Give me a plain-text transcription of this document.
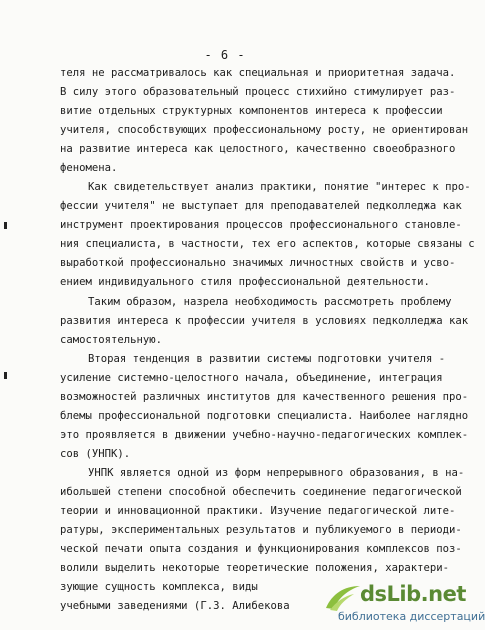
- 6 -
теля не рассматривалось как специальная и приоритетная задача.
В силу этого образовательный процесс стихийно стимулирует раз-
витие отдельных структурных компонентов интереса к профессии
учителя, способствующих профессиональному росту, не ориентирован
на развитие интереса как целостного, качественно своеобразного
феномена.
Как свидетельствует анализ практики, понятие "интерес к про-
фессии учителя" не выступает для преподавателей педколледжа как
инструмент проектирования процессов профессионального становле-
ния специалиста, в частности, тех его аспектов, которые связаны с
выработкой профессионально значимых личностных свойств и усво-
ением индивидуального стиля профессиональной деятельности.
Таким образом, назрела необходимость рассмотреть проблему
развития интереса к профессии учителя в условиях педколледжа как
самостоятельную.
Вторая тенденция в развитии системы подготовки учителя -
усиление системно-целостного начала, объединение, интеграция
возможностей различных институтов для качественного решения про-
блемы профессиональной подготовки специалиста. Наиболее наглядно
это проявляется в движении учебно-научно-педагогических комплек-
сов (УНПК).
УНПК является одной из форм непрерывного образования, в на-
ибольшей степени способной обеспечить соединение педагогической
теории и инновационной практики. Изучение педагогической лите-
ратуры, экспериментальных результатов и публикуемого в периоди-
ческой печати опыта создания и функционирования комплексов поз-
волили выделить некоторые теоретические положения, характери-
зующие сущность комплекса, виды
учебными заведениями (Г.З. Алибекова	dsLib.net
библиотека диссертаций
